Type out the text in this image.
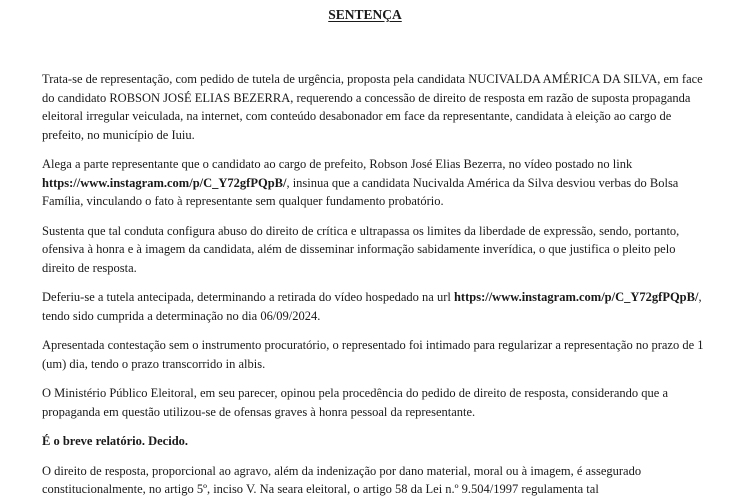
SENTENÇA

Trata-se de representação, com pedido de tutela de urgência, proposta pela candidata NUCIVALDA AMÉRICA DA SILVA, em face do candidato ROBSON JOSÉ ELIAS BEZERRA, requerendo a concessão de direito de resposta em razão de suposta propaganda eleitoral irregular veiculada, na internet, com conteúdo desabonador em face da representante, candidata à eleição ao cargo de prefeito, no município de Iuiu.

Alega a parte representante que o candidato ao cargo de prefeito, Robson José Elias Bezerra, no vídeo postado no link https://www.instagram.com/p/C_Y72gfPQpB/, insinua que a candidata Nucivalda América da Silva desviou verbas do Bolsa Família, vinculando o fato à representante sem qualquer fundamento probatório.

Sustenta que tal conduta configura abuso do direito de crítica e ultrapassa os limites da liberdade de expressão, sendo, portanto, ofensiva à honra e à imagem da candidata, além de disseminar informação sabidamente inverídica, o que justifica o pleito pelo direito de resposta.

Deferiu-se a tutela antecipada, determinando a retirada do vídeo hospedado na url https://www.instagram.com/p/C_Y72gfPQpB/, tendo sido cumprida a determinação no dia 06/09/2024.

Apresentada contestação sem o instrumento procuratório, o representado foi intimado para regularizar a representação no prazo de 1 (um) dia, tendo o prazo transcorrido in albis.

O Ministério Público Eleitoral, em seu parecer, opinou pela procedência do pedido de direito de resposta, considerando que a propaganda em questão utilizou-se de ofensas graves à honra pessoal da representante.

É o breve relatório. Decido.

O direito de resposta, proporcional ao agravo, além da indenização por dano material, moral ou à imagem, é assegurado constitucionalmente, no artigo 5º, inciso V. Na seara eleitoral, o artigo 58 da Lei n.º 9.504/1997 regulamenta tal
